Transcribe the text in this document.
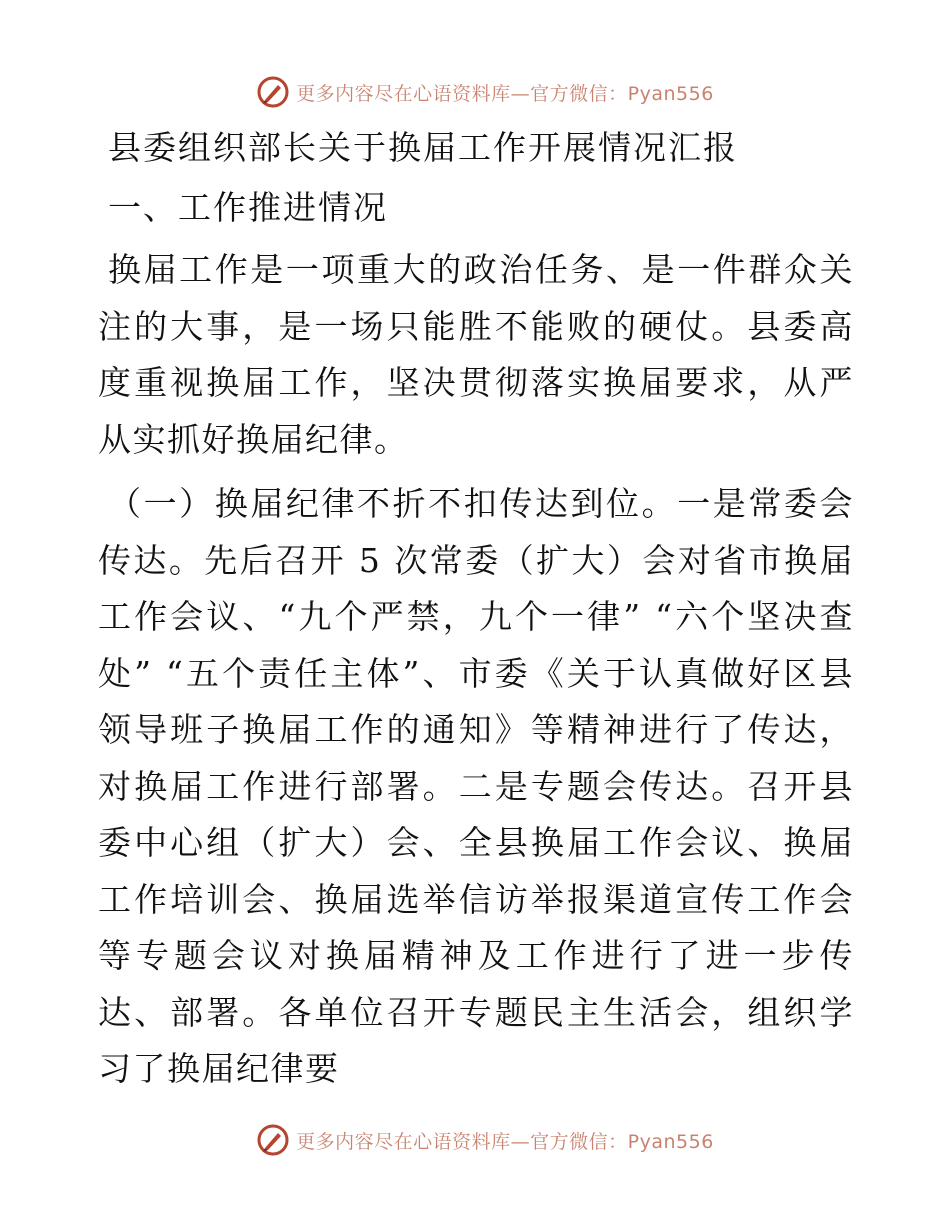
更多内容尽在心语资料库—官方微信：Pyan556
县委组织部长关于换届工作开展情况汇报
一、工作推进情况

换届工作是一项重大的政治任务、是一件群众关注的大事，是一场只能胜不能败的硬仗。县委高度重视换届工作，坚决贯彻落实换届要求，从严从实抓好换届纪律。

（一）换届纪律不折不扣传达到位。一是常委会传达。先后召开 5 次常委（扩大）会对省市换届工作会议、“九个严禁，九个一律” “六个坚决查处” “五个责任主体”、市委《关于认真做好区县领导班子换届工作的通知》等精神进行了传达，对换届工作进行部署。二是专题会传达。召开县委中心组（扩大）会、全县换届工作会议、换届工作培训会、换届选举信访举报渠道宣传工作会等专题会议对换届精神及工作进行了进一步传达、部署。各单位召开专题民主生活会，组织学习了换届纪律要

更多内容尽在心语资料库—官方微信：Pyan556
